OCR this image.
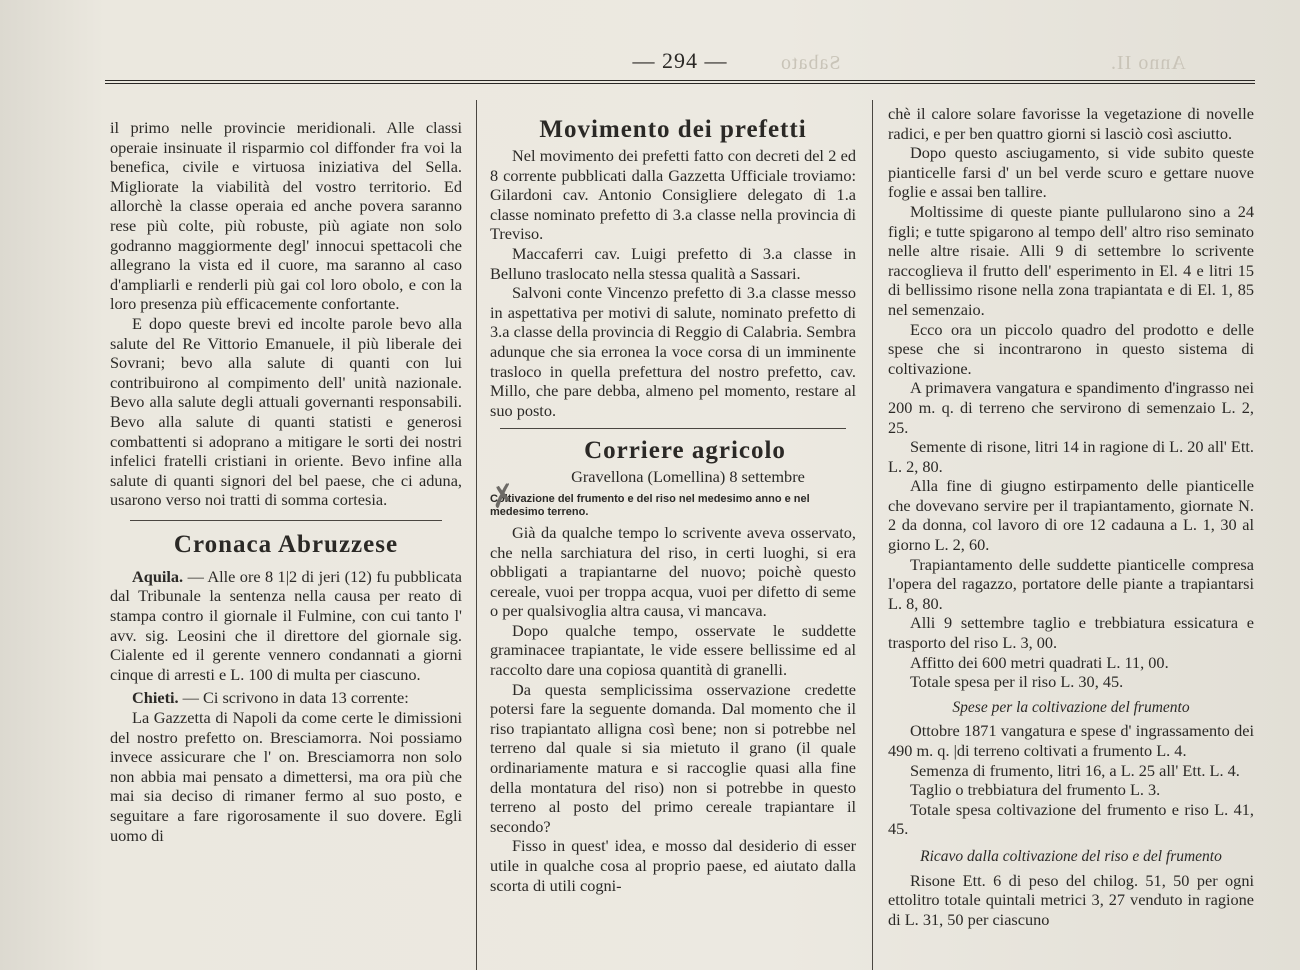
Sabato	Anno II.
— 294 —

il primo nelle provincie meridionali. Alle classi operaie insinuate il risparmio col diffonder fra voi la benefica, civile e virtuosa iniziativa del Sella. Migliorate la viabilità del vostro territorio. Ed allorchè la classe operaia ed anche povera saranno rese più colte, più robuste, più agiate non solo godranno maggiormente degl' innocui spettacoli che allegrano la vista ed il cuore, ma saranno al caso d'ampliarli e renderli più gai col loro obolo, e con la loro presenza più efficacemente confortante.

E dopo queste brevi ed incolte parole bevo alla salute del Re Vittorio Emanuele, il più liberale dei Sovrani; bevo alla salute di quanti con lui contribuirono al compimento dell' unità nazionale. Bevo alla salute degli attuali governanti responsabili. Bevo alla salute di quanti statisti e generosi combattenti si adoprano a mitigare le sorti dei nostri infelici fratelli cristiani in oriente. Bevo infine alla salute di quanti signori del bel paese, che ci aduna, usarono verso noi tratti di somma cortesia.

Cronaca Abruzzese

Aquila. — Alle ore 8 1|2 di jeri (12) fu pubblicata dal Tribunale la sentenza nella causa per reato di stampa contro il giornale il Fulmine, con cui tanto l' avv. sig. Leosini che il direttore del giornale sig. Cialente ed il gerente vennero condannati a giorni cinque di arresti e L. 100 di multa per ciascuno.

Chieti. — Ci scrivono in data 13 corrente:

La Gazzetta di Napoli da come certe le dimissioni del nostro prefetto on. Bresciamorra. Noi possiamo invece assicurare che l' on. Bresciamorra non solo non abbia mai pensato a dimettersi, ma ora più che mai sia deciso di rimaner fermo al suo posto, e seguitare a fare rigorosamente il suo dovere. Egli uomo di

Movimento dei prefetti

Nel movimento dei prefetti fatto con decreti del 2 ed 8 corrente pubblicati dalla Gazzetta Ufficiale troviamo: Gilardoni cav. Antonio Consigliere delegato di 1.a classe nominato prefetto di 3.a classe nella provincia di Treviso.

Maccaferri cav. Luigi prefetto di 3.a classe in Belluno traslocato nella stessa qualità a Sassari.

Salvoni conte Vincenzo prefetto di 3.a classe messo in aspettativa per motivi di salute, nominato prefetto di 3.a classe della provincia di Reggio di Calabria. Sembra adunque che sia erronea la voce corsa di un imminente trasloco in quella prefettura del nostro prefetto, cav. Millo, che pare debba, almeno pel momento, restare al suo posto.

Corriere agricolo
Gravellona (Lomellina) 8 settembre
Coltivazione del frumento e del riso nel medesimo anno e nel medesimo terreno.

Già da qualche tempo lo scrivente aveva osservato, che nella sarchiatura del riso, in certi luoghi, si era obbligati a trapiantarne del nuovo; poichè questo cereale, vuoi per troppa acqua, vuoi per difetto di seme o per qualsivoglia altra causa, vi mancava.

Dopo qualche tempo, osservate le suddette graminacee trapiantate, le vide essere bellissime ed al raccolto dare una copiosa quantità di granelli.

Da questa semplicissima osservazione credette potersi fare la seguente domanda. Dal momento che il riso trapiantato alligna così bene; non si potrebbe nel terreno dal quale si sia mietuto il grano (il quale ordinariamente matura e si raccoglie quasi alla fine della montatura del riso) non si potrebbe in questo terreno al posto del primo cereale trapiantare il secondo?

Fisso in quest' idea, e mosso dal desiderio di esser utile in qualche cosa al proprio paese, ed aiutato dalla scorta di utili cogni-

✗

chè il calore solare favorisse la vegetazione di novelle radici, e per ben quattro giorni si lasciò così asciutto.

Dopo questo asciugamento, si vide subito queste pianticelle farsi d' un bel verde scuro e gettare nuove foglie e assai ben tallire.

Moltissime di queste piante pullularono sino a 24 figli; e tutte spigarono al tempo dell' altro riso seminato nelle altre risaie. Alli 9 di settembre lo scrivente raccoglieva il frutto dell' esperimento in El. 4 e litri 15 di bellissimo risone nella zona trapiantata e di El. 1, 85 nel semenzaio.

Ecco ora un piccolo quadro del prodotto e delle spese che si incontrarono in questo sistema di coltivazione.

A primavera vangatura e spandimento d'ingrasso nei 200 m. q. di terreno che servirono di semenzaio L. 2, 25.

Semente di risone, litri 14 in ragione di L. 20 all' Ett. L. 2, 80.

Alla fine di giugno estirpamento delle pianticelle che dovevano servire per il trapiantamento, giornate N. 2 da donna, col lavoro di ore 12 cadauna a L. 1, 30 al giorno L. 2, 60.

Trapiantamento delle suddette pianticelle compresa l'opera del ragazzo, portatore delle piante a trapiantarsi L. 8, 80.

Alli 9 settembre taglio e trebbiatura essicatura e trasporto del riso L. 3, 00.

Affitto dei 600 metri quadrati L. 11, 00.

Totale spesa per il riso L. 30, 45.

Spese per la coltivazione del frumento

Ottobre 1871 vangatura e spese d' ingrassamento dei 490 m. q. |di terreno coltivati a frumento L. 4.

Semenza di frumento, litri 16, a L. 25 all' Ett. L. 4.

Taglio o trebbiatura del frumento L. 3.

Totale spesa coltivazione del frumento e riso L. 41, 45.

Ricavo dalla coltivazione del riso e del frumento

Risone Ett. 6 di peso del chilog. 51, 50 per ogni ettolitro totale quintali metrici 3, 27 venduto in ragione di L. 31, 50 per ciascuno
